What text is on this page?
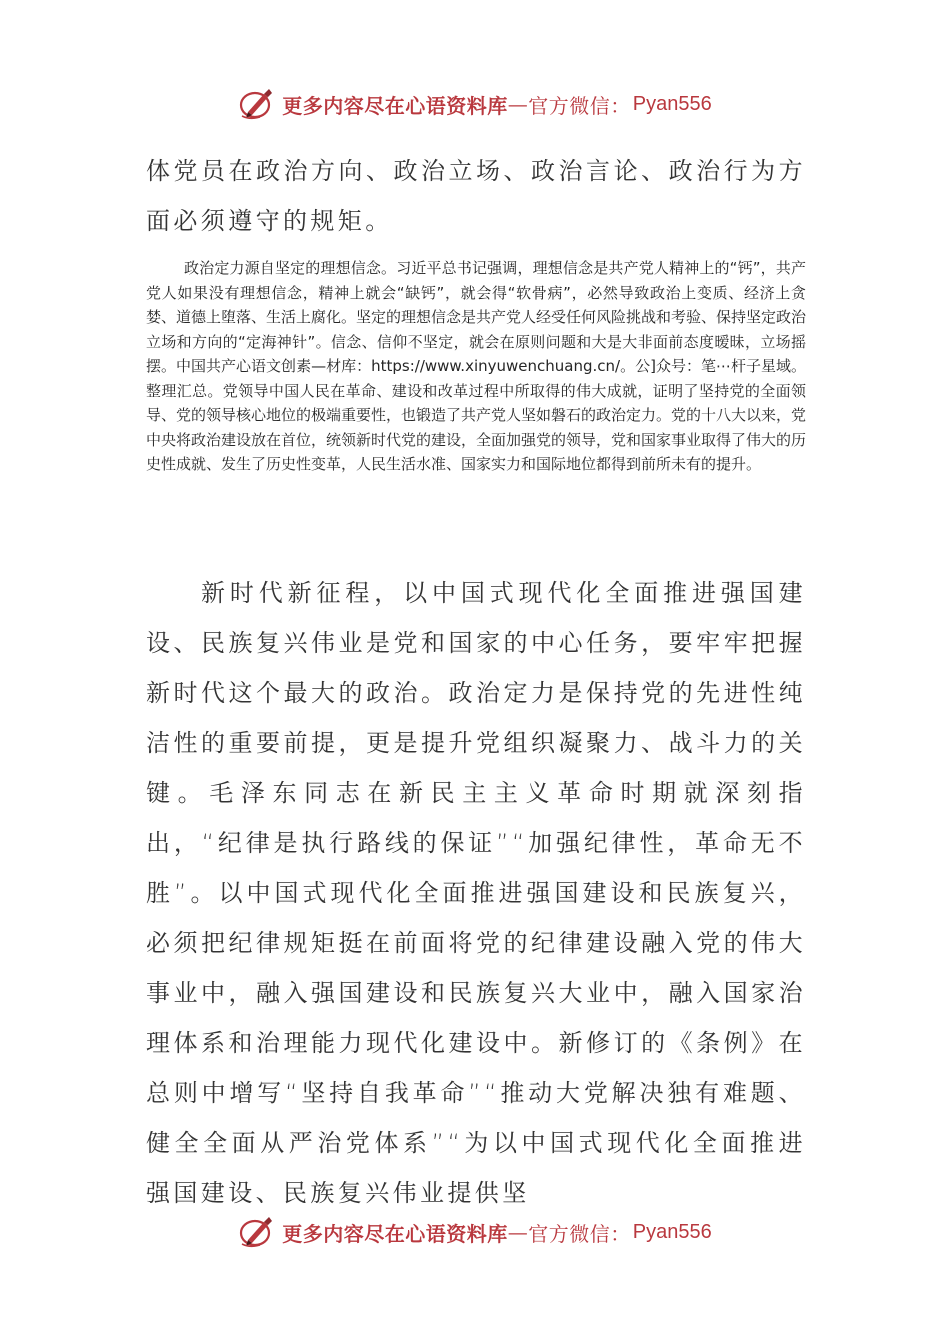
更多内容尽在心语资料库 — 官方微信： Pyan556
体党员在政治方向、政治立场、政治言论、政治行为方面必须遵守的规矩。
政治定力源自坚定的理想信念。习近平总书记强调，理想信念是共产党人精神上的“钙”，共产党人如果没有理想信念，精神上就会“缺钙”，就会得“软骨病”，必然导致政治上变质、经济上贪婪、道德上堕落、生活上腐化。坚定的理想信念是共产党人经受任何风险挑战和考验、保持坚定政治立场和方向的“定海神针”。信念、信仰不坚定，就会在原则问题和大是大非面前态度暧昧，立场摇摆。中国共产心语文创素—材库：https://www.xinyuwenchuang.cn/。公]众号：笔⋯杆子星域。整理汇总。党领导中国人民在革命、建设和改革过程中所取得的伟大成就，证明了坚持党的全面领导、党的领导核心地位的极端重要性，也锻造了共产党人坚如磐石的政治定力。党的十八大以来，党中央将政治建设放在首位，统领新时代党的建设，全面加强党的领导，党和国家事业取得了伟大的历史性成就、发生了历史性变革，人民生活水准、国家实力和国际地位都得到前所未有的提升。
新时代新征程，以中国式现代化全面推进强国建设、民族复兴伟业是党和国家的中心任务，要牢牢把握新时代这个最大的政治。政治定力是保持党的先进性纯洁性的重要前提，更是提升党组织凝聚力、战斗力的关键。毛泽东同志在新民主主义革命时期就深刻指出，“纪律是执行路线的保证”“加强纪律性，革命无不胜”。以中国式现代化全面推进强国建设和民族复兴，必须把纪律规矩挺在前面将党的纪律建设融入党的伟大事业中，融入强国建设和民族复兴大业中，融入国家治理体系和治理能力现代化建设中。新修订的《条例》在总则中增写“坚持自我革命”“推动大党解决独有难题、健全全面从严治党体系”“为以中国式现代化全面推进强国建设、民族复兴伟业提供坚
更多内容尽在心语资料库 — 官方微信： Pyan556
